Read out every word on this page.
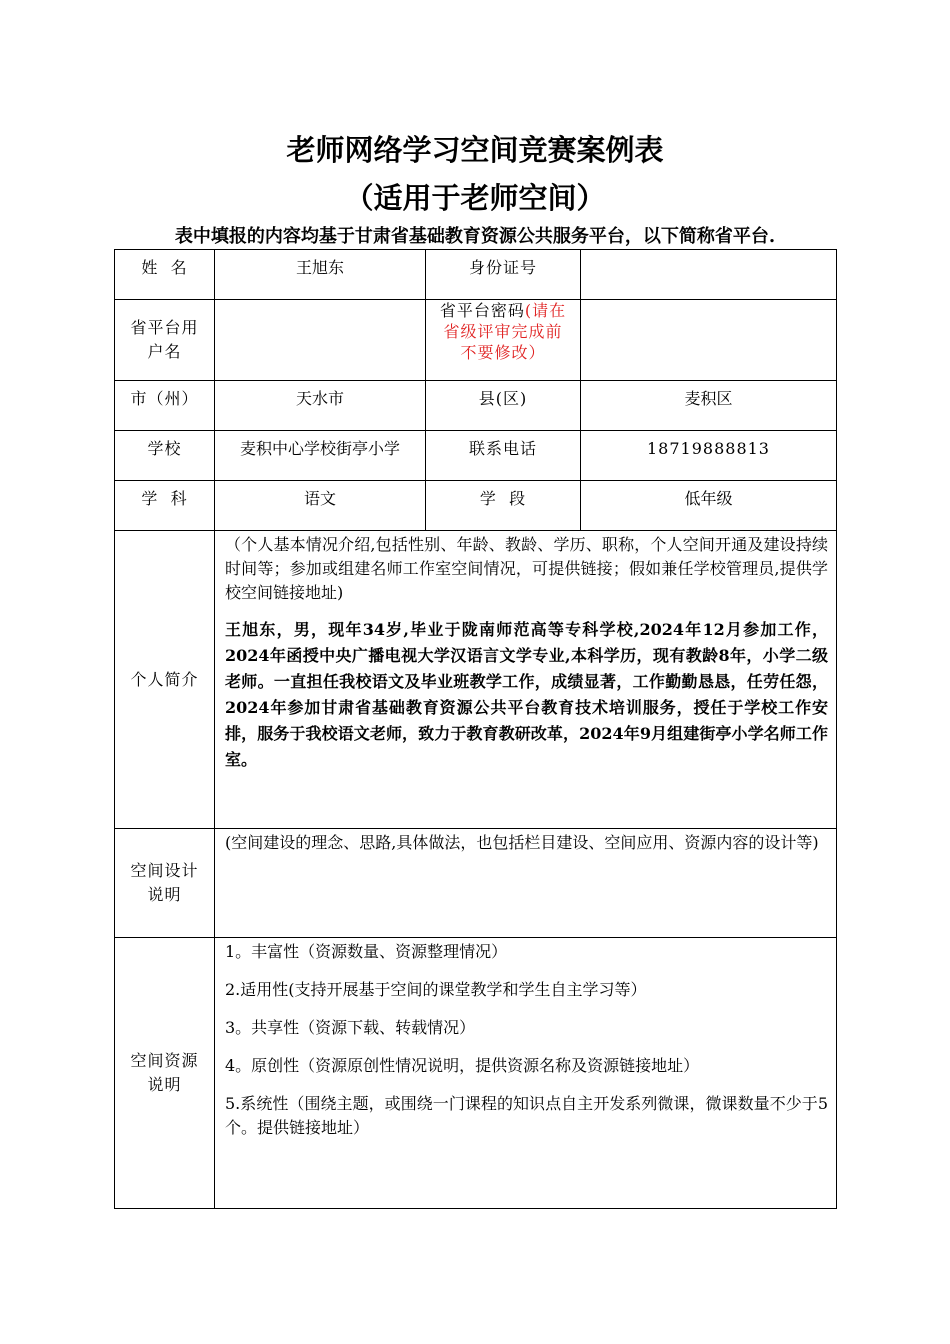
老师网络学习空间竞赛案例表
（适用于老师空间）
表中填报的内容均基于甘肃省基础教育资源公共服务平台，以下简称省平台.
姓  名	王旭东	身份证号	
省平台用户名		省平台密码(请在省级评审完成前不要修改）	
市（州）	天水市	县(区)	麦积区
学校	麦积中心学校街亭小学	联系电话	18719888813
学  科	语文	学  段	低年级
个人简介	（个人基本情况介绍,包括性别、年龄、教龄、学历、职称，个人空间开通及建设持续时间等；参加或组建名师工作室空间情况，可提供链接；假如兼任学校管理员,提供学校空间链接地址)
王旭东，男，现年34岁,毕业于陇南师范高等专科学校,2024年12月参加工作，2024年函授中央广播电视大学汉语言文学专业,本科学历，现有教龄8年，小学二级老师。一直担任我校语文及毕业班教学工作，成绩显著，工作勤勤恳恳，任劳任怨，2024年参加甘肃省基础教育资源公共平台教育技术培训服务，授任于学校工作安排，服务于我校语文老师，致力于教育教研改革，2024年9月组建街亭小学名师工作室。		

空间设计说明	(空间建设的理念、思路,具体做法，也包括栏目建设、空间应用、资源内容的设计等)		

空间资源说明	1。丰富性（资源数量、资源整理情况）
2.适用性(支持开展基于空间的课堂教学和学生自主学习等）
3。共享性（资源下载、转载情况）
4。原创性（资源原创性情况说明，提供资源名称及资源链接地址）
5.系统性（围绕主题，或围绕一门课程的知识点自主开发系列微课，微课数量不少于5个。提供链接地址）		
